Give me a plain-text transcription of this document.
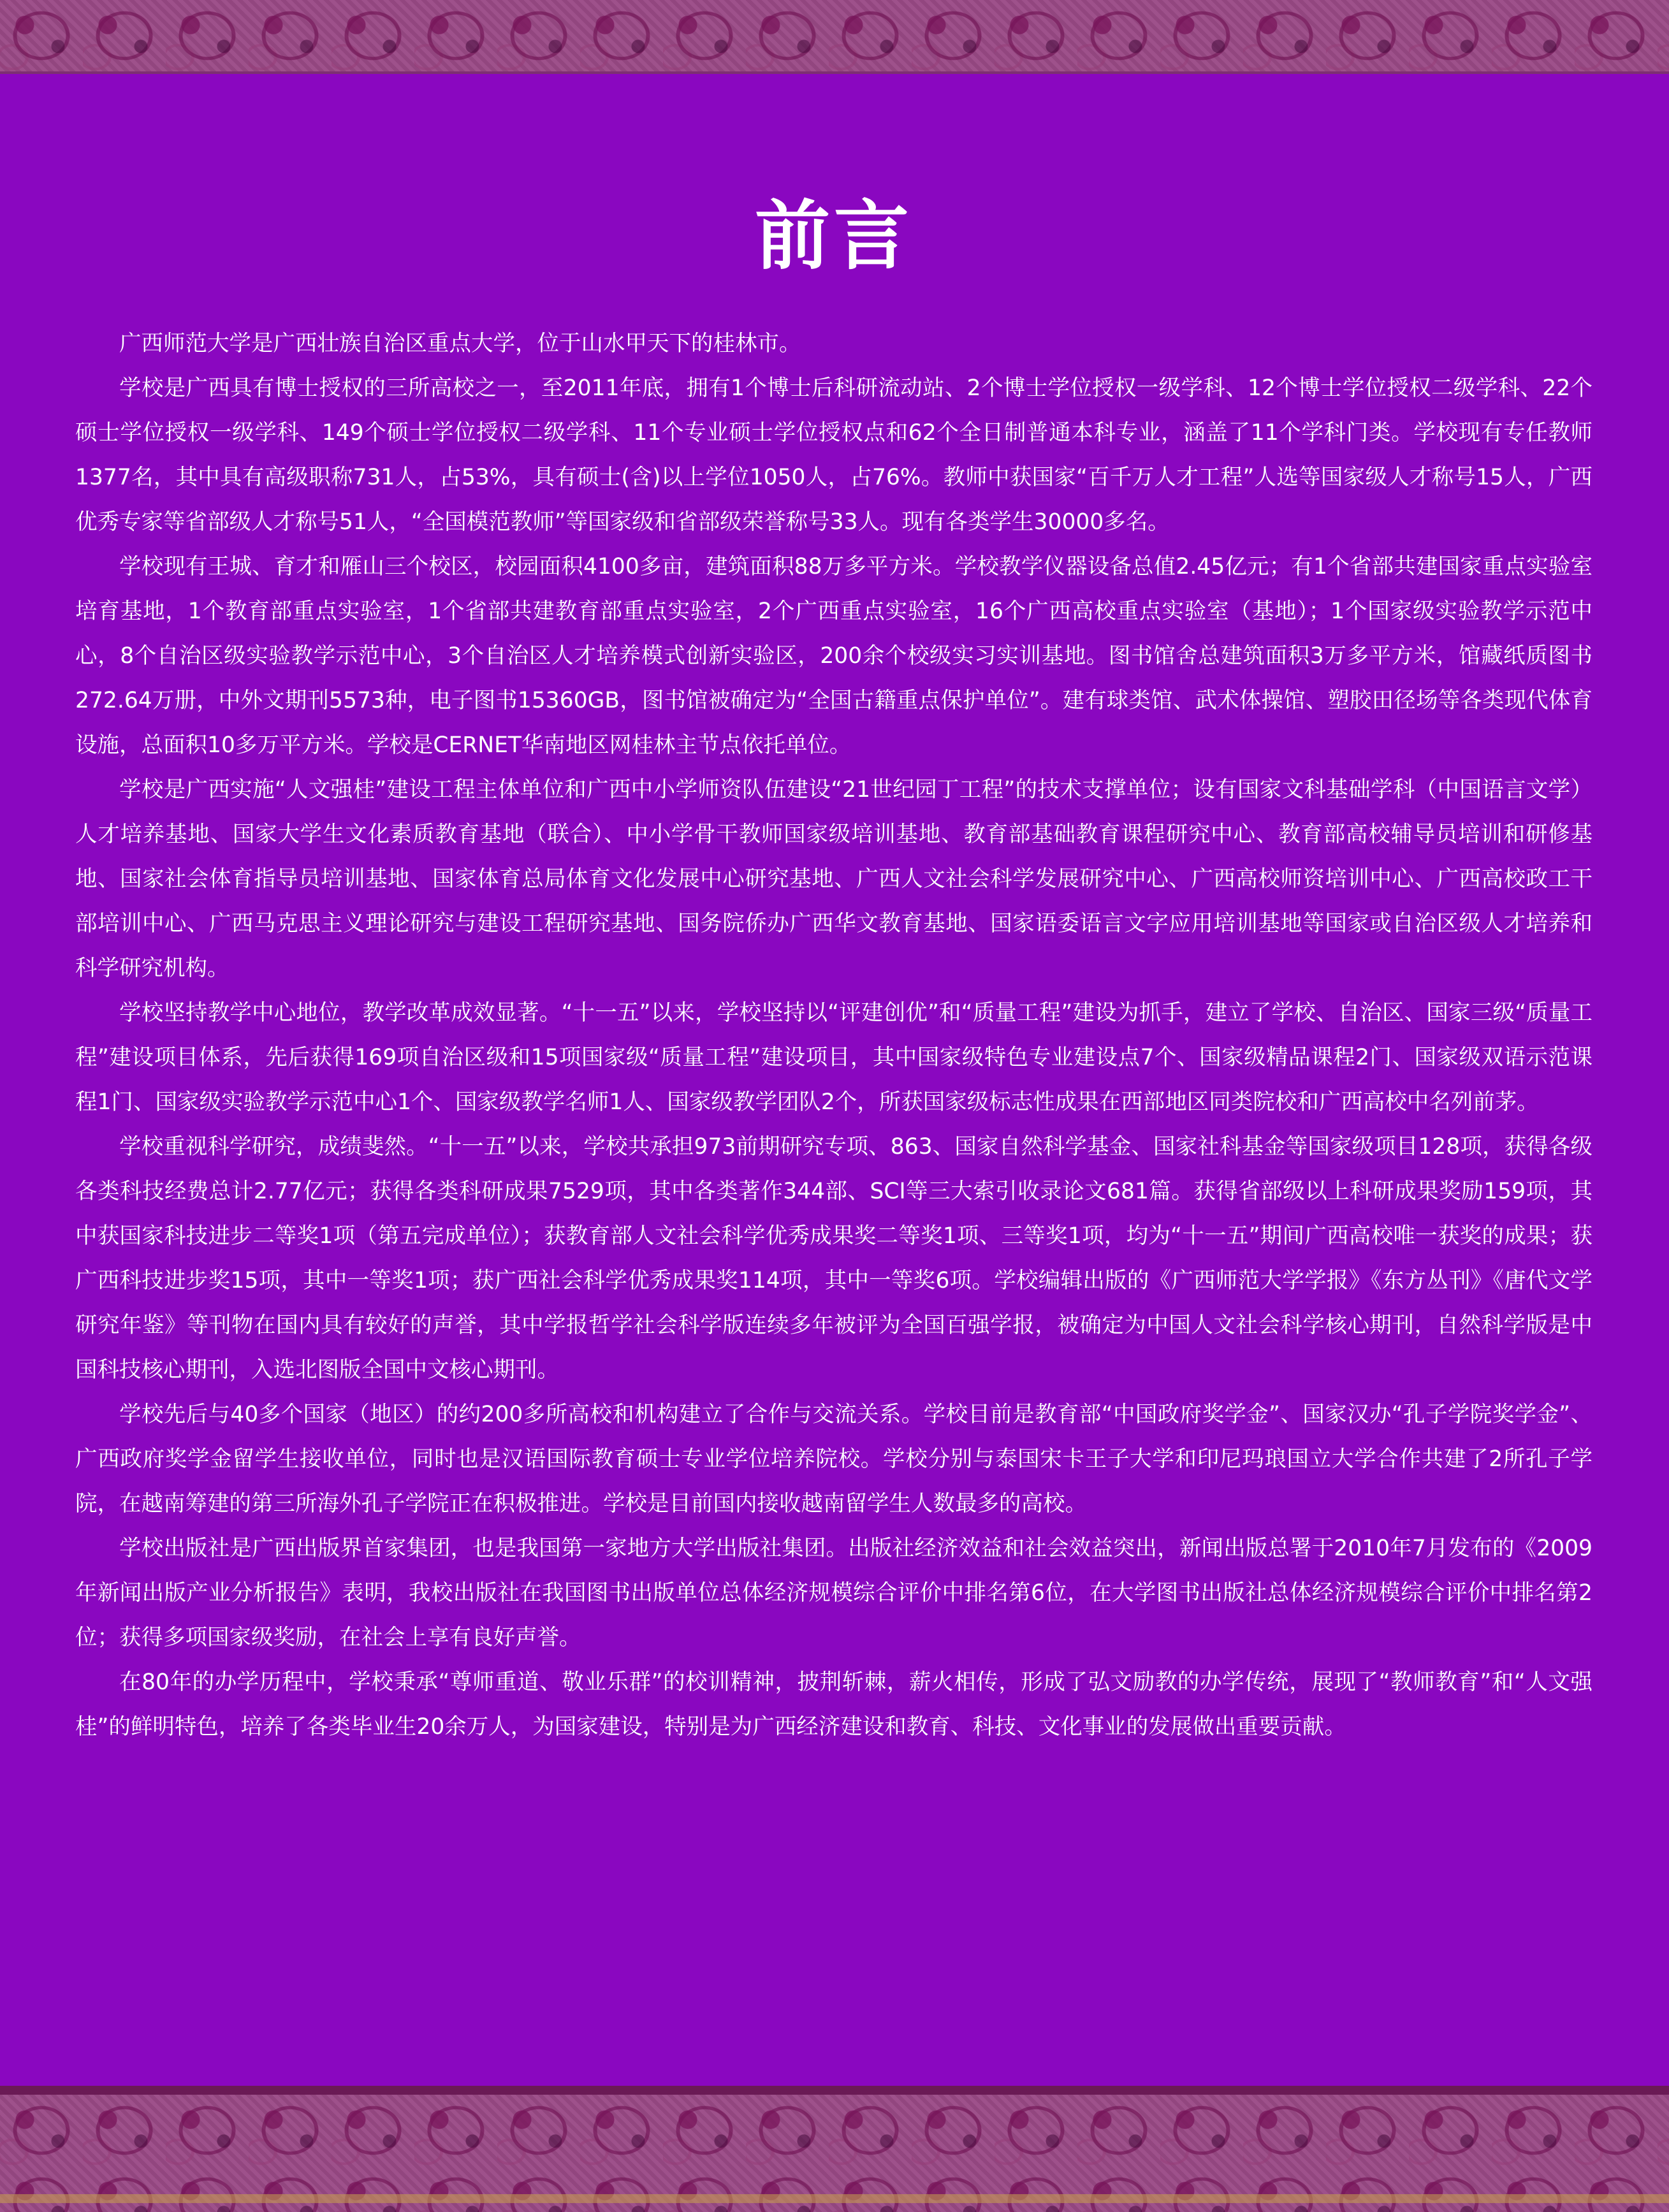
前言

广西师范大学是广西壮族自治区重点大学，位于山水甲天下的桂林市。

学校是广西具有博士授权的三所高校之一，至2011年底，拥有1个博士后科研流动站、2个博士学位授权一级学科、12个博士学位授权二级学科、22个硕士学位授权一级学科、149个硕士学位授权二级学科、11个专业硕士学位授权点和62个全日制普通本科专业，涵盖了11个学科门类。学校现有专任教师1377名，其中具有高级职称731人，占53%，具有硕士(含)以上学位1050人，占76%。教师中获国家“百千万人才工程”人选等国家级人才称号15人，广西优秀专家等省部级人才称号51人，“全国模范教师”等国家级和省部级荣誉称号33人。现有各类学生30000多名。

学校现有王城、育才和雁山三个校区，校园面积4100多亩，建筑面积88万多平方米。学校教学仪器设备总值2.45亿元；有1个省部共建国家重点实验室培育基地，1个教育部重点实验室，1个省部共建教育部重点实验室，2个广西重点实验室，16个广西高校重点实验室（基地）；1个国家级实验教学示范中心，8个自治区级实验教学示范中心，3个自治区人才培养模式创新实验区，200余个校级实习实训基地。图书馆舍总建筑面积3万多平方米，馆藏纸质图书272.64万册，中外文期刊5573种，电子图书15360GB，图书馆被确定为“全国古籍重点保护单位”。建有球类馆、武术体操馆、塑胶田径场等各类现代体育设施，总面积10多万平方米。学校是CERNET华南地区网桂林主节点依托单位。

学校是广西实施“人文强桂”建设工程主体单位和广西中小学师资队伍建设“21世纪园丁工程”的技术支撑单位；设有国家文科基础学科（中国语言文学）人才培养基地、国家大学生文化素质教育基地（联合）、中小学骨干教师国家级培训基地、教育部基础教育课程研究中心、教育部高校辅导员培训和研修基地、国家社会体育指导员培训基地、国家体育总局体育文化发展中心研究基地、广西人文社会科学发展研究中心、广西高校师资培训中心、广西高校政工干部培训中心、广西马克思主义理论研究与建设工程研究基地、国务院侨办广西华文教育基地、国家语委语言文字应用培训基地等国家或自治区级人才培养和科学研究机构。

学校坚持教学中心地位，教学改革成效显著。“十一五”以来，学校坚持以“评建创优”和“质量工程”建设为抓手，建立了学校、自治区、国家三级“质量工程”建设项目体系，先后获得169项自治区级和15项国家级“质量工程”建设项目，其中国家级特色专业建设点7个、国家级精品课程2门、国家级双语示范课程1门、国家级实验教学示范中心1个、国家级教学名师1人、国家级教学团队2个，所获国家级标志性成果在西部地区同类院校和广西高校中名列前茅。

学校重视科学研究，成绩斐然。“十一五”以来，学校共承担973前期研究专项、863、国家自然科学基金、国家社科基金等国家级项目128项，获得各级各类科技经费总计2.77亿元；获得各类科研成果7529项，其中各类著作344部、SCI等三大索引收录论文681篇。获得省部级以上科研成果奖励159项，其中获国家科技进步二等奖1项（第五完成单位）；获教育部人文社会科学优秀成果奖二等奖1项、三等奖1项，均为“十一五”期间广西高校唯一获奖的成果；获广西科技进步奖15项，其中一等奖1项；获广西社会科学优秀成果奖114项，其中一等奖6项。学校编辑出版的《广西师范大学学报》《东方丛刊》《唐代文学研究年鉴》等刊物在国内具有较好的声誉，其中学报哲学社会科学版连续多年被评为全国百强学报，被确定为中国人文社会科学核心期刊，自然科学版是中国科技核心期刊，入选北图版全国中文核心期刊。

学校先后与40多个国家（地区）的约200多所高校和机构建立了合作与交流关系。学校目前是教育部“中国政府奖学金”、国家汉办“孔子学院奖学金”、广西政府奖学金留学生接收单位，同时也是汉语国际教育硕士专业学位培养院校。学校分别与泰国宋卡王子大学和印尼玛琅国立大学合作共建了2所孔子学院，在越南筹建的第三所海外孔子学院正在积极推进。学校是目前国内接收越南留学生人数最多的高校。

学校出版社是广西出版界首家集团，也是我国第一家地方大学出版社集团。出版社经济效益和社会效益突出，新闻出版总署于2010年7月发布的《2009年新闻出版产业分析报告》表明，我校出版社在我国图书出版单位总体经济规模综合评价中排名第6位，在大学图书出版社总体经济规模综合评价中排名第2位；获得多项国家级奖励，在社会上享有良好声誉。

在80年的办学历程中，学校秉承“尊师重道、敬业乐群”的校训精神，披荆斩棘，薪火相传，形成了弘文励教的办学传统，展现了“教师教育”和“人文强桂”的鲜明特色，培养了各类毕业生20余万人，为国家建设，特别是为广西经济建设和教育、科技、文化事业的发展做出重要贡献。
